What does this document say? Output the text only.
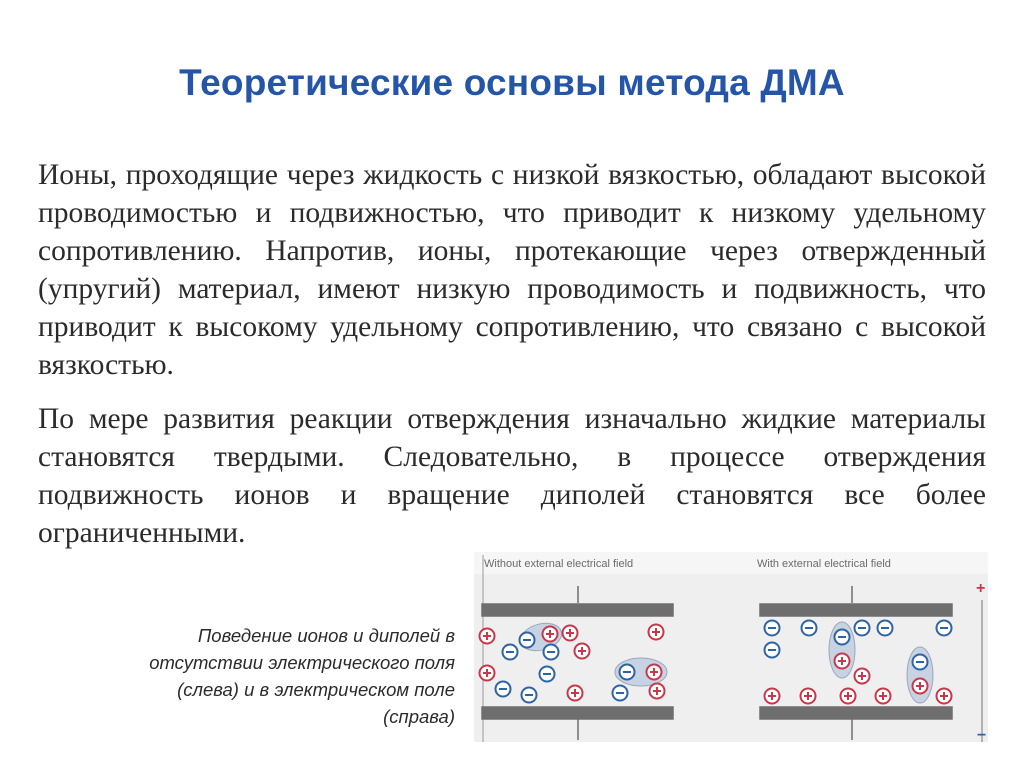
Теоретические основы метода ДМА

Ионы, проходящие через жидкость с низкой вязкостью, обладают высокой проводимостью и подвижностью, что приводит к низкому удельному сопротивлению. Напротив, ионы, протекающие через отвержденный (упругий) материал, имеют низкую проводимость и подвижность, что приводит к высокому удельному сопротивлению, что связано с высокой вязкостью.

По мере развития реакции отверждения изначально жидкие материалы становятся твердыми. Следовательно, в процессе отверждения подвижность ионов и вращение диполей становятся все более ограниченными.

Поведение ионов и диполей в отсутствии электрического поля (слева) и в электрическом поле (справа)
Without external electrical field	With external electrical field
+
−
